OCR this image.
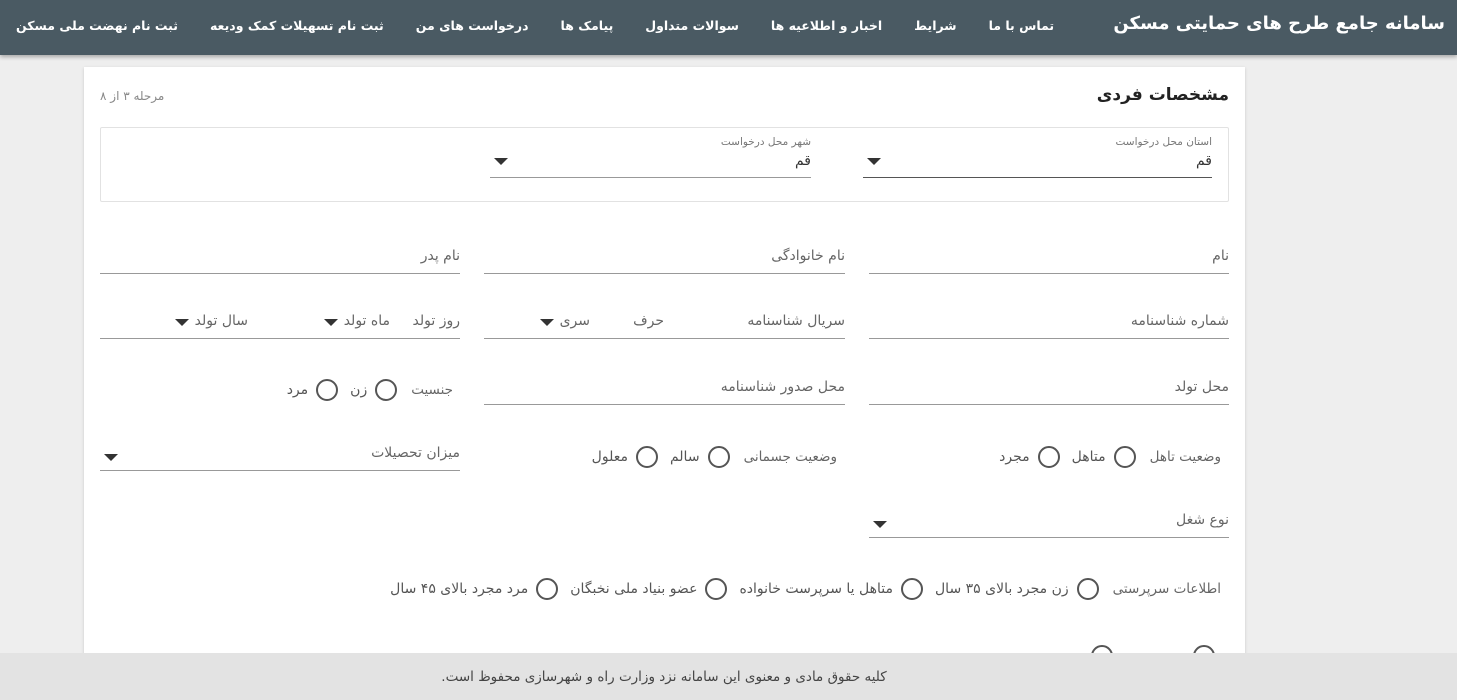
سامانه جامع طرح های حمایتی مسکن
ثبت نام نهضت ملی مسکن	ثبت نام تسهیلات کمک ودیعه	درخواست های من	پیامک ها	سوالات متداول	اخبار و اطلاعیه ها	شرایط	تماس با ما
مشخصات فردی
مرحله ۳ از ۸
استان محل درخواست
قم
شهر محل درخواست
قم
نام
نام خانوادگی
نام پدر
شماره شناسنامه
سریال شناسنامه
حرف
سری
روز تولد
ماه تولد
سال تولد
محل تولد
محل صدور شناسنامه
جنسیت
زن
مرد
وضعیت تاهل
متاهل
مجرد
وضعیت جسمانی
سالم
معلول
میزان تحصیلات
نوع شغل
اطلاعات سرپرستی
زن مجرد بالای ۳۵ سال
متاهل یا سرپرست خانواده
عضو بنیاد ملی نخبگان
مرد مجرد بالای ۴۵ سال
کلیه حقوق مادی و معنوی این سامانه نزد وزارت راه و شهرسازی محفوظ است.
